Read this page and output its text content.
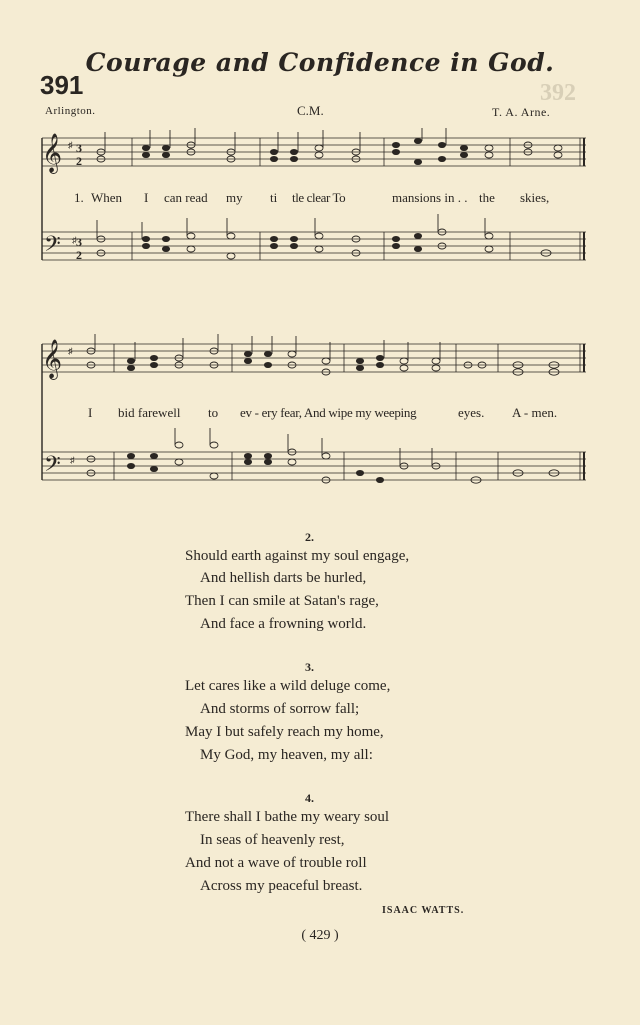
392
Courage and Confidence in God.
391
Arlington.	C.M.	T. A. Arne.
𝄞
𝄢
♯
♯
3
2
3
2
1. When I can read my ti tle clear To	mansions in . . the skies,
𝄞
𝄢
♯
♯
I bid farewell to ev - ery fear, And wipe my weeping	eyes. A - men.
2.
Should earth against my soul engage,
And hellish darts be hurled,
Then I can smile at Satan's rage,
And face a frowning world.
3.
Let cares like a wild deluge come,
And storms of sorrow fall;
May I but safely reach my home,
My God, my heaven, my all:
4.
There shall I bathe my weary soul
In seas of heavenly rest,
And not a wave of trouble roll
Across my peaceful breast.
ISAAC WATTS.
( 429 )
